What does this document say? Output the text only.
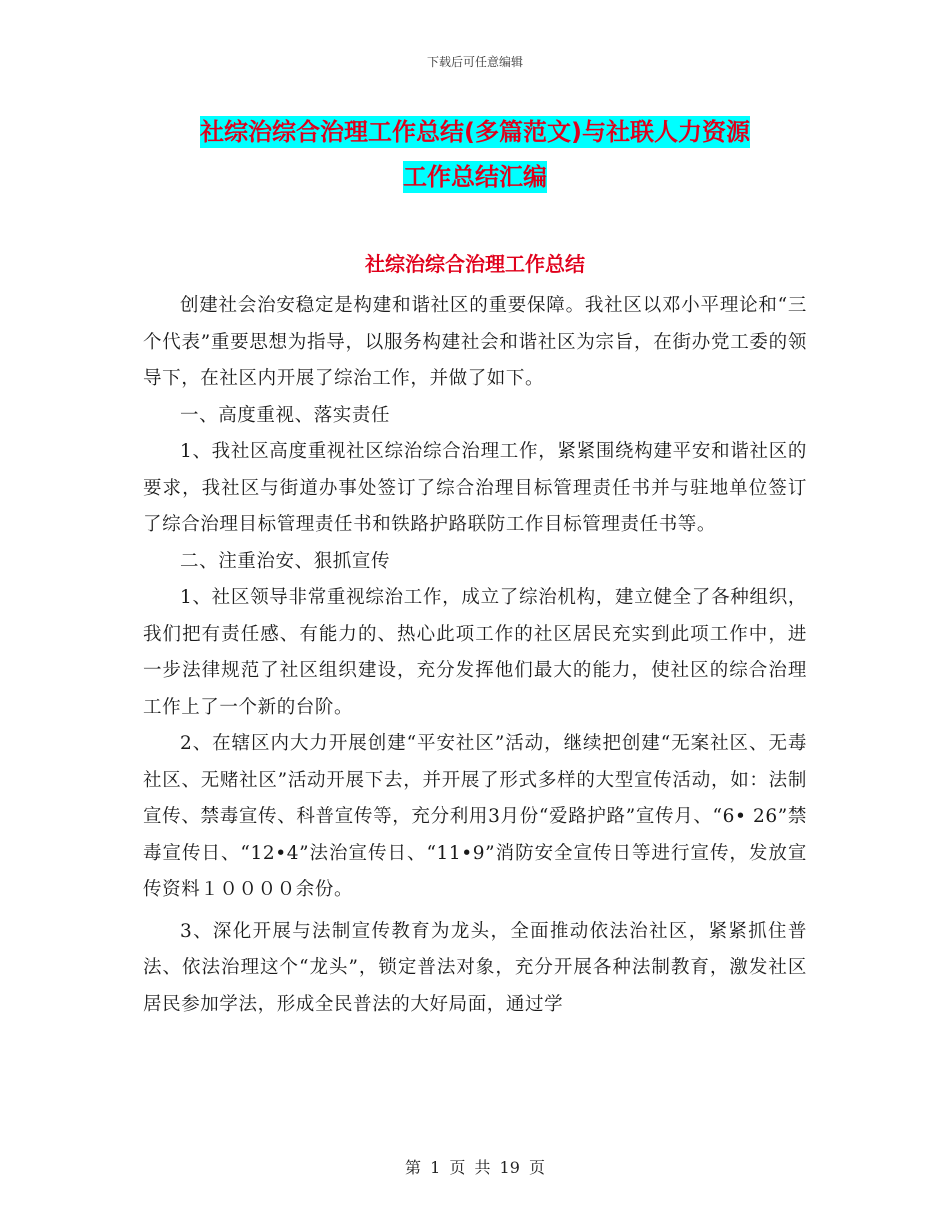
下载后可任意编辑
社综治综合治理工作总结(多篇范文)与社联人力资源
工作总结汇编
社综治综合治理工作总结

创建社会治安稳定是构建和谐社区的重要保障。我社区以邓小平理论和“三个代表”重要思想为指导，以服务构建社会和谐社区为宗旨，在街办党工委的领导下，在社区内开展了综治工作，并做了如下。

一、高度重视、落实责任

1、我社区高度重视社区综治综合治理工作，紧紧围绕构建平安和谐社区的要求，我社区与街道办事处签订了综合治理目标管理责任书并与驻地单位签订了综合治理目标管理责任书和铁路护路联防工作目标管理责任书等。

二、注重治安、狠抓宣传

1、社区领导非常重视综治工作，成立了综治机构，建立健全了各种组织，我们把有责任感、有能力的、热心此项工作的社区居民充实到此项工作中，进一步法律规范了社区组织建设，充分发挥他们最大的能力，使社区的综合治理工作上了一个新的台阶。

2、在辖区内大力开展创建“平安社区”活动，继续把创建“无案社区、无毒社区、无赌社区”活动开展下去，并开展了形式多样的大型宣传活动，如：法制宣传、禁毒宣传、科普宣传等，充分利用3月份“爱路护路”宣传月、“6• 26”禁毒宣传日、“12•4”法治宣传日、“11•9”消防安全宣传日等进行宣传，发放宣传资料１００００余份。

3、深化开展与法制宣传教育为龙头，全面推动依法治社区，紧紧抓住普法、依法治理这个“龙头”，锁定普法对象，充分开展各种法制教育，激发社区居民参加学法，形成全民普法的大好局面，通过学

第 1 页 共 19 页
